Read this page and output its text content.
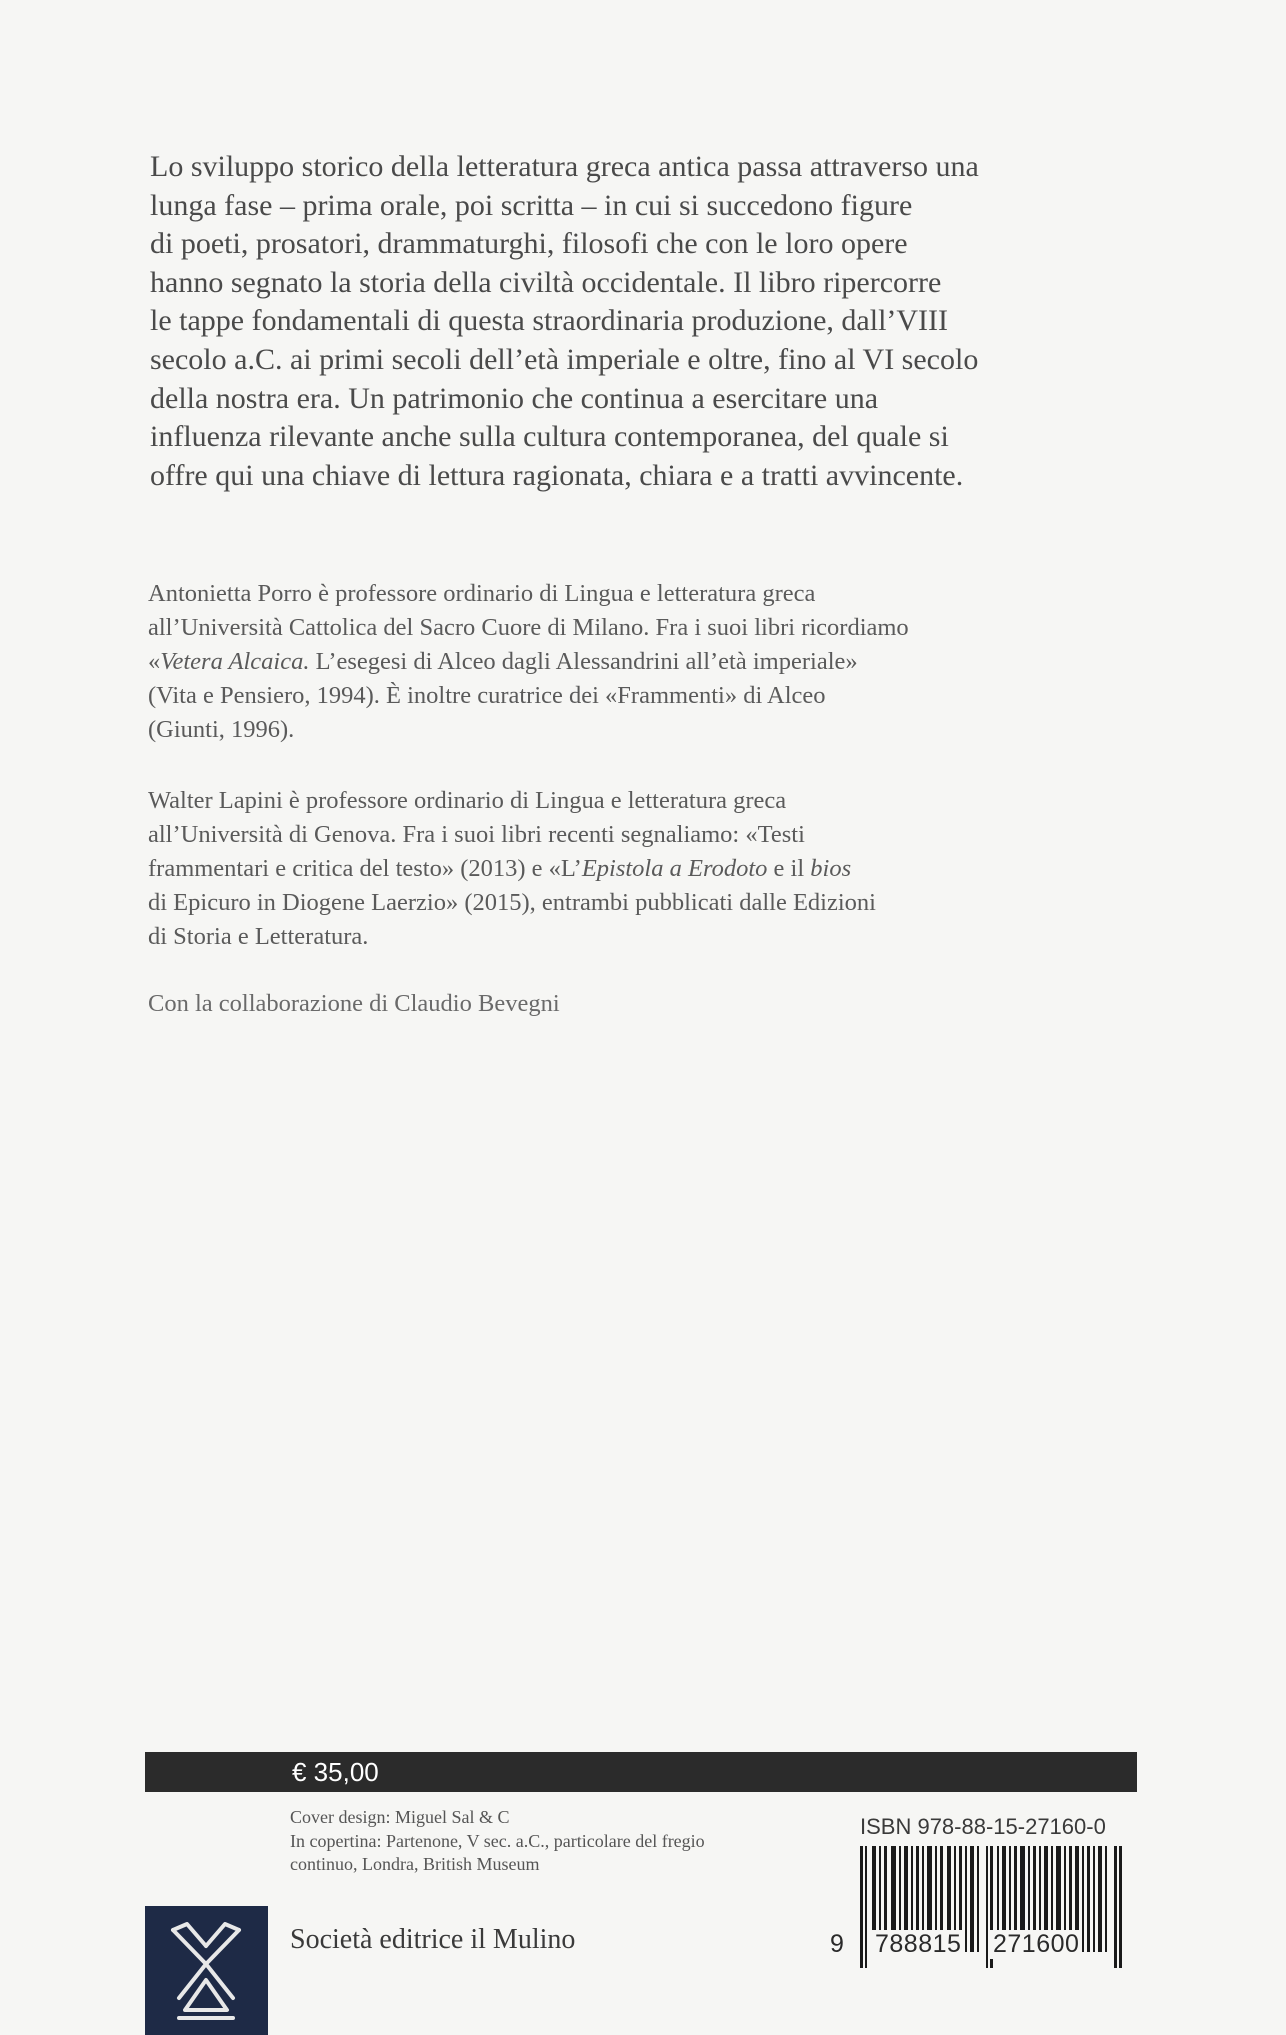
Lo sviluppo storico della letteratura greca antica passa attraverso una
lunga fase – prima orale, poi scritta – in cui si succedono figure
di poeti, prosatori, drammaturghi, filosofi che con le loro opere
hanno segnato la storia della civiltà occidentale. Il libro ripercorre
le tappe fondamentali di questa straordinaria produzione, dall’VIII
secolo a.C. ai primi secoli dell’età imperiale e oltre, fino al VI secolo
della nostra era. Un patrimonio che continua a esercitare una
influenza rilevante anche sulla cultura contemporanea, del quale si
offre qui una chiave di lettura ragionata, chiara e a tratti avvincente.

Antonietta Porro è professore ordinario di Lingua e letteratura greca
all’Università Cattolica del Sacro Cuore di Milano. Fra i suoi libri ricordiamo
«Vetera Alcaica. L’esegesi di Alceo dagli Alessandrini all’età imperiale»
(Vita e Pensiero, 1994). È inoltre curatrice dei «Frammenti» di Alceo
(Giunti, 1996).

Walter Lapini è professore ordinario di Lingua e letteratura greca
all’Università di Genova. Fra i suoi libri recenti segnaliamo: «Testi
frammentari e critica del testo» (2013) e «L’Epistola a Erodoto e il bios
di Epicuro in Diogene Laerzio» (2015), entrambi pubblicati dalle Edizioni
di Storia e Letteratura.

Con la collaborazione di Claudio Bevegni

€ 35,00

Cover design: Miguel Sal & C
In copertina: Partenone, V sec. a.C., particolare del fregio
continuo, Londra, British Museum

ISBN 978-88-15-27160-0
9 788815 271600
Società editrice il Mulino
